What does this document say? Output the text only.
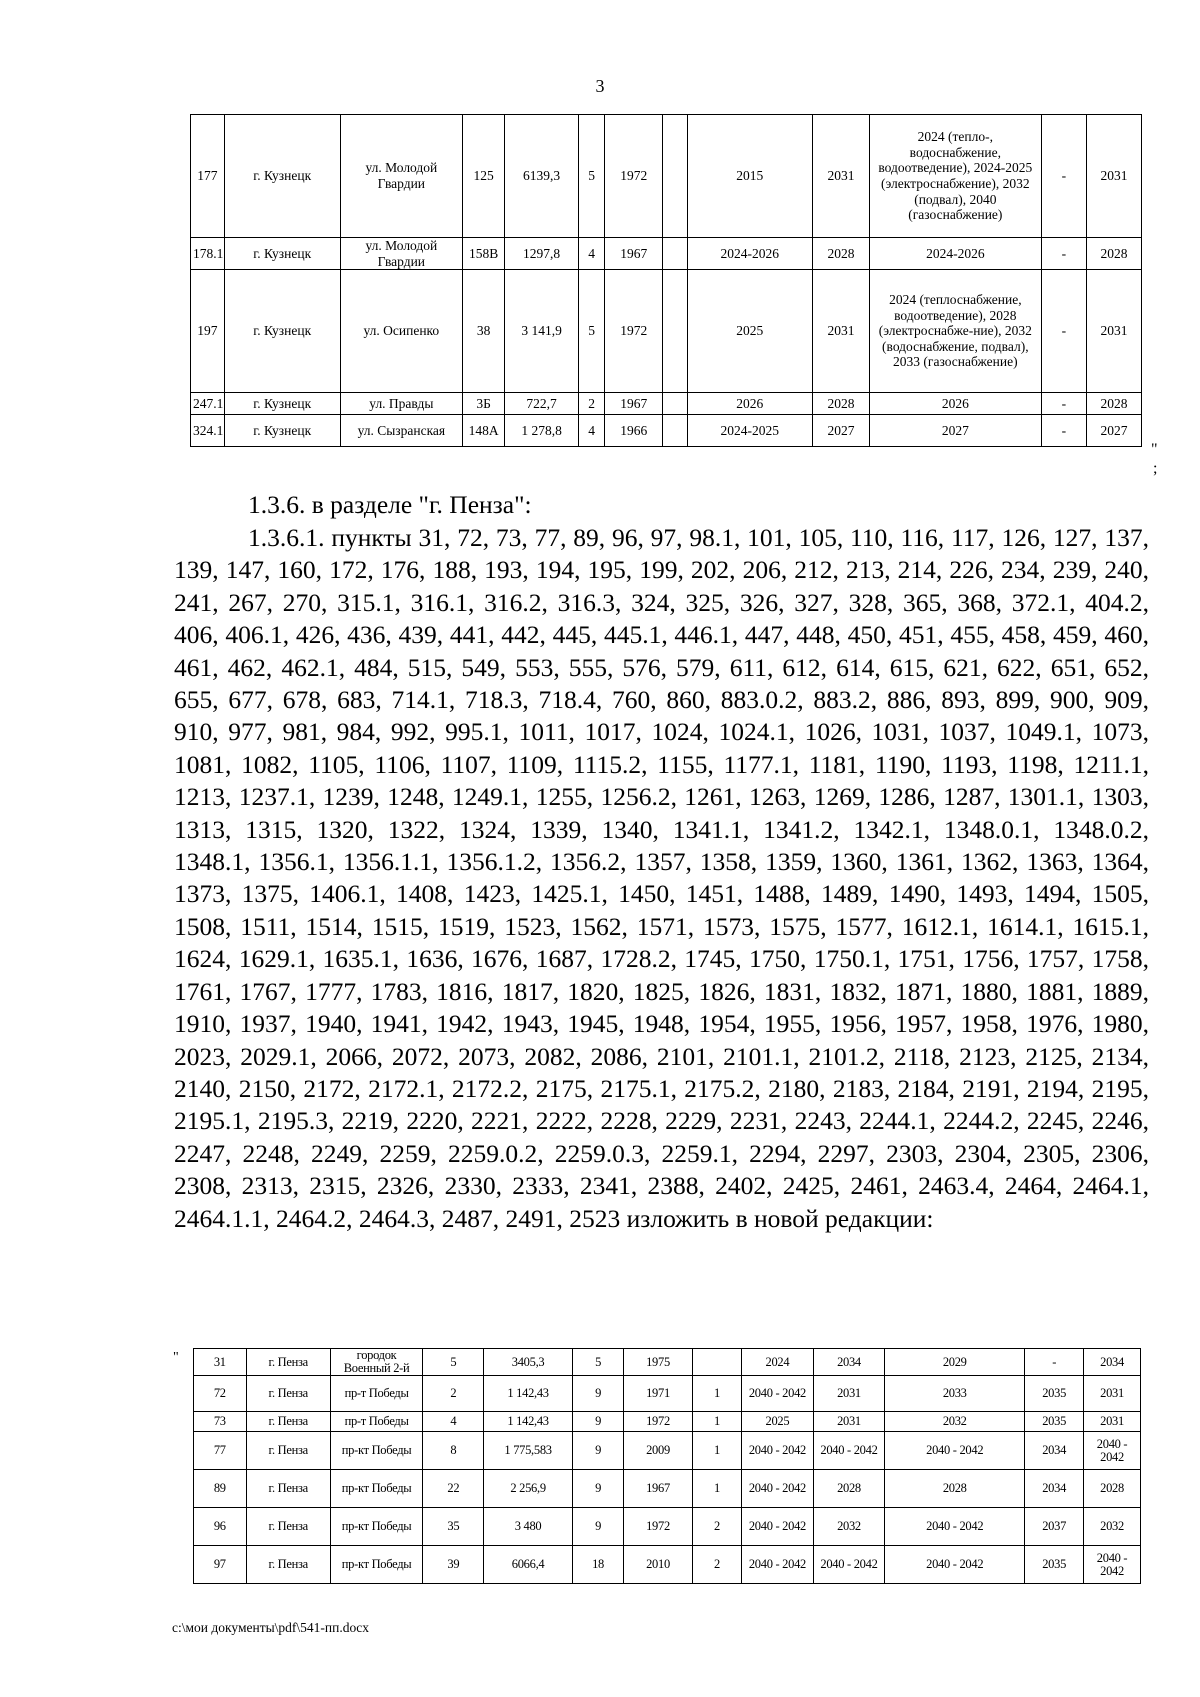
3
177	г. Кузнецк	ул. Молодой Гвардии	125	6139,3	5	1972		2015	2031	2024 (тепло-, водоснабжение, водоотведение), 2024-2025 (электроснабжение), 2032 (подвал), 2040 (газоснабжение)	-	2031
178.1	г. Кузнецк	ул. Молодой Гвардии	158В	1297,8	4	1967		2024-2026	2028	2024-2026	-	2028
197	г. Кузнецк	ул. Осипенко	38	3 141,9	5	1972		2025	2031	2024 (теплоснабжение, водоотведение), 2028 (электроснабже-ние), 2032 (водоснабжение, подвал), 2033 (газоснабжение)	-	2031
247.1	г. Кузнецк	ул. Правды	3Б	722,7	2	1967		2026	2028	2026	-	2028
324.1	г. Кузнецк	ул. Сызранская	148А	1 278,8	4	1966		2024-2025	2027	2027	-	2027
"
;
1.3.6. в разделе "г. Пенза":
1.3.6.1. пункты 31, 72, 73, 77, 89, 96, 97, 98.1, 101, 105, 110, 116, 117, 126, 127, 137, 139, 147, 160, 172, 176, 188, 193, 194, 195, 199, 202, 206, 212, 213, 214, 226, 234, 239, 240, 241, 267, 270, 315.1, 316.1, 316.2, 316.3, 324, 325, 326, 327, 328, 365, 368, 372.1, 404.2, 406, 406.1, 426, 436, 439, 441, 442, 445, 445.1, 446.1, 447, 448, 450, 451, 455, 458, 459, 460, 461, 462, 462.1, 484, 515, 549, 553, 555, 576, 579, 611, 612, 614, 615, 621, 622, 651, 652, 655, 677, 678, 683, 714.1, 718.3, 718.4, 760, 860, 883.0.2, 883.2, 886, 893, 899, 900, 909, 910, 977, 981, 984, 992, 995.1, 1011, 1017, 1024, 1024.1, 1026, 1031, 1037, 1049.1, 1073, 1081, 1082, 1105, 1106, 1107, 1109, 1115.2, 1155, 1177.1, 1181, 1190, 1193, 1198, 1211.1, 1213, 1237.1, 1239, 1248, 1249.1, 1255, 1256.2, 1261, 1263, 1269, 1286, 1287, 1301.1, 1303, 1313, 1315, 1320, 1322, 1324, 1339, 1340, 1341.1, 1341.2, 1342.1, 1348.0.1, 1348.0.2, 1348.1, 1356.1, 1356.1.1, 1356.1.2, 1356.2, 1357, 1358, 1359, 1360, 1361, 1362, 1363, 1364, 1373, 1375, 1406.1, 1408, 1423, 1425.1, 1450, 1451, 1488, 1489, 1490, 1493, 1494, 1505, 1508, 1511, 1514, 1515, 1519, 1523, 1562, 1571, 1573, 1575, 1577, 1612.1, 1614.1, 1615.1, 1624, 1629.1, 1635.1, 1636, 1676, 1687, 1728.2, 1745, 1750, 1750.1, 1751, 1756, 1757, 1758, 1761, 1767, 1777, 1783, 1816, 1817, 1820, 1825, 1826, 1831, 1832, 1871, 1880, 1881, 1889, 1910, 1937, 1940, 1941, 1942, 1943, 1945, 1948, 1954, 1955, 1956, 1957, 1958, 1976, 1980, 2023, 2029.1, 2066, 2072, 2073, 2082, 2086, 2101, 2101.1, 2101.2, 2118, 2123, 2125, 2134, 2140, 2150, 2172, 2172.1, 2172.2, 2175, 2175.1, 2175.2, 2180, 2183, 2184, 2191, 2194, 2195, 2195.1, 2195.3, 2219, 2220, 2221, 2222, 2228, 2229, 2231, 2243, 2244.1, 2244.2, 2245, 2246, 2247, 2248, 2249, 2259, 2259.0.2, 2259.0.3, 2259.1, 2294, 2297, 2303, 2304, 2305, 2306, 2308, 2313, 2315, 2326, 2330, 2333, 2341, 2388, 2402, 2425, 2461, 2463.4, 2464, 2464.1, 2464.1.1, 2464.2, 2464.3, 2487, 2491, 2523 изложить в новой редакции:
"	31	г. Пенза	городок Военный 2-й	5	3405,3	5	1975		2024	2034	2029	-	2034
72	г. Пенза	пр-т Победы	2	1 142,43	9	1971	1	2040 - 2042	2031	2033	2035	2031
73	г. Пенза	пр-т Победы	4	1 142,43	9	1972	1	2025	2031	2032	2035	2031
77	г. Пенза	пр-кт Победы	8	1 775,583	9	2009	1	2040 - 2042	2040 - 2042	2040 - 2042	2034	2040 - 2042
89	г. Пенза	пр-кт Победы	22	2 256,9	9	1967	1	2040 - 2042	2028	2028	2034	2028
96	г. Пенза	пр-кт Победы	35	3 480	9	1972	2	2040 - 2042	2032	2040 - 2042	2037	2032
97	г. Пенза	пр-кт Победы	39	6066,4	18	2010	2	2040 - 2042	2040 - 2042	2040 - 2042	2035	2040 - 2042
c:\мои документы\pdf\541-пп.docx
